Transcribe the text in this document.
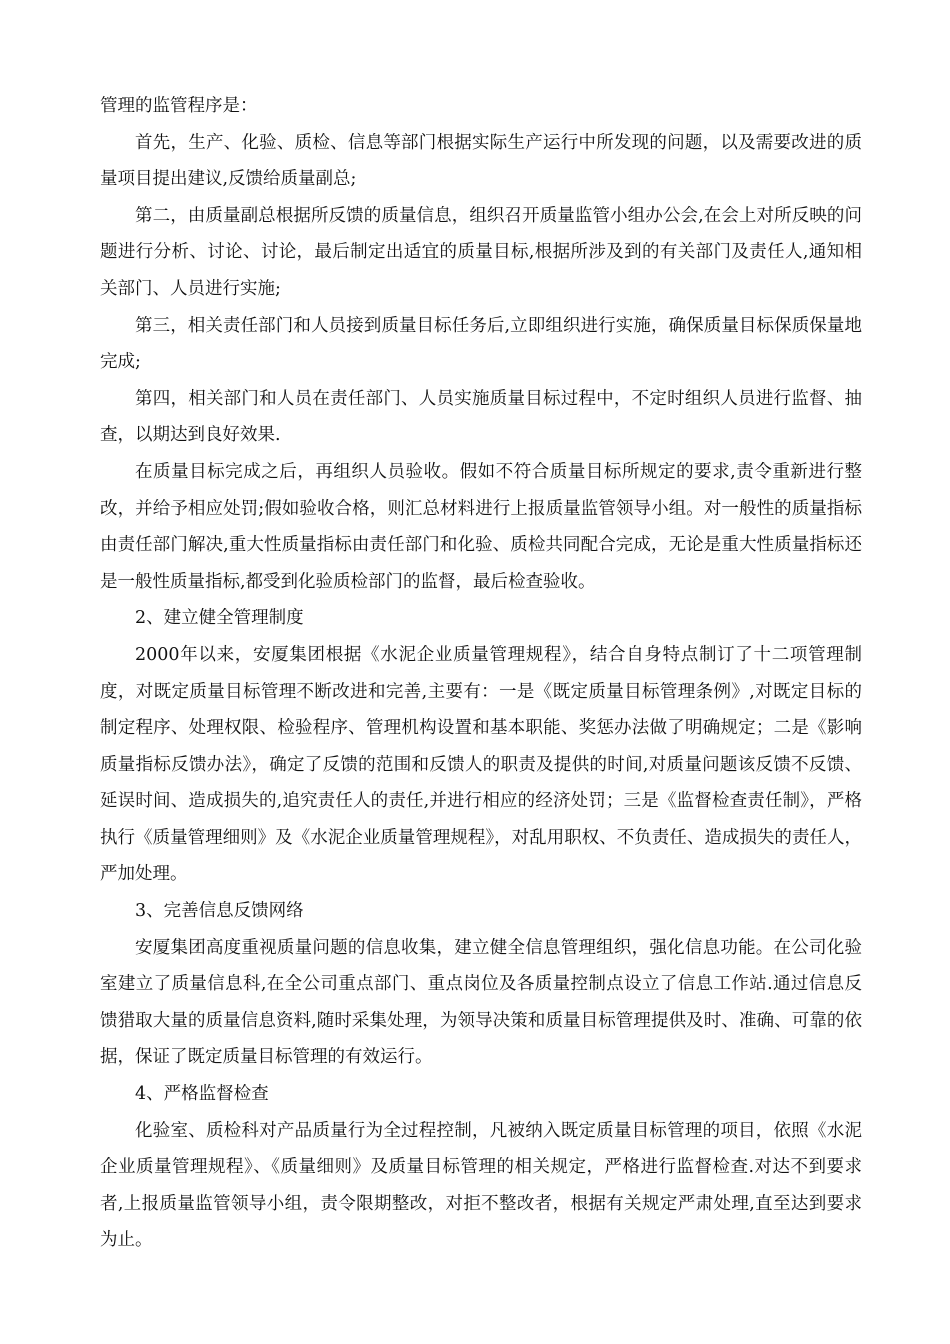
管理的监管程序是：

首先，生产、化验、质检、信息等部门根据实际生产运行中所发现的问题，以及需要改进的质量项目提出建议,反馈给质量副总;

第二，由质量副总根据所反馈的质量信息，组织召开质量监管小组办公会,在会上对所反映的问题进行分析、讨论、讨论，最后制定出适宜的质量目标,根据所涉及到的有关部门及责任人,通知相关部门、人员进行实施;

第三，相关责任部门和人员接到质量目标任务后,立即组织进行实施，确保质量目标保质保量地完成;

第四，相关部门和人员在责任部门、人员实施质量目标过程中，不定时组织人员进行监督、抽查，以期达到良好效果.

在质量目标完成之后，再组织人员验收。假如不符合质量目标所规定的要求,责令重新进行整改，并给予相应处罚;假如验收合格，则汇总材料进行上报质量监管领导小组。对一般性的质量指标由责任部门解决,重大性质量指标由责任部门和化验、质检共同配合完成，无论是重大性质量指标还是一般性质量指标,都受到化验质检部门的监督，最后检查验收。

2、建立健全管理制度

2000年以来，安厦集团根据《水泥企业质量管理规程》，结合自身特点制订了十二项管理制度，对既定质量目标管理不断改进和完善,主要有：一是《既定质量目标管理条例》,对既定目标的制定程序、处理权限、检验程序、管理机构设置和基本职能、奖惩办法做了明确规定；二是《影响质量指标反馈办法》，确定了反馈的范围和反馈人的职责及提供的时间,对质量问题该反馈不反馈、延误时间、造成损失的,追究责任人的责任,并进行相应的经济处罚；三是《监督检查责任制》，严格执行《质量管理细则》及《水泥企业质量管理规程》，对乱用职权、不负责任、造成损失的责任人，严加处理。

3、完善信息反馈网络

安厦集团高度重视质量问题的信息收集，建立健全信息管理组织，强化信息功能。在公司化验室建立了质量信息科,在全公司重点部门、重点岗位及各质量控制点设立了信息工作站.通过信息反馈猎取大量的质量信息资料,随时采集处理，为领导决策和质量目标管理提供及时、准确、可靠的依据，保证了既定质量目标管理的有效运行。

4、严格监督检查

化验室、质检科对产品质量行为全过程控制，凡被纳入既定质量目标管理的项目，依照《水泥企业质量管理规程》、《质量细则》及质量目标管理的相关规定，严格进行监督检查.对达不到要求者,上报质量监管领导小组，责令限期整改，对拒不整改者，根据有关规定严肃处理,直至达到要求为止。
